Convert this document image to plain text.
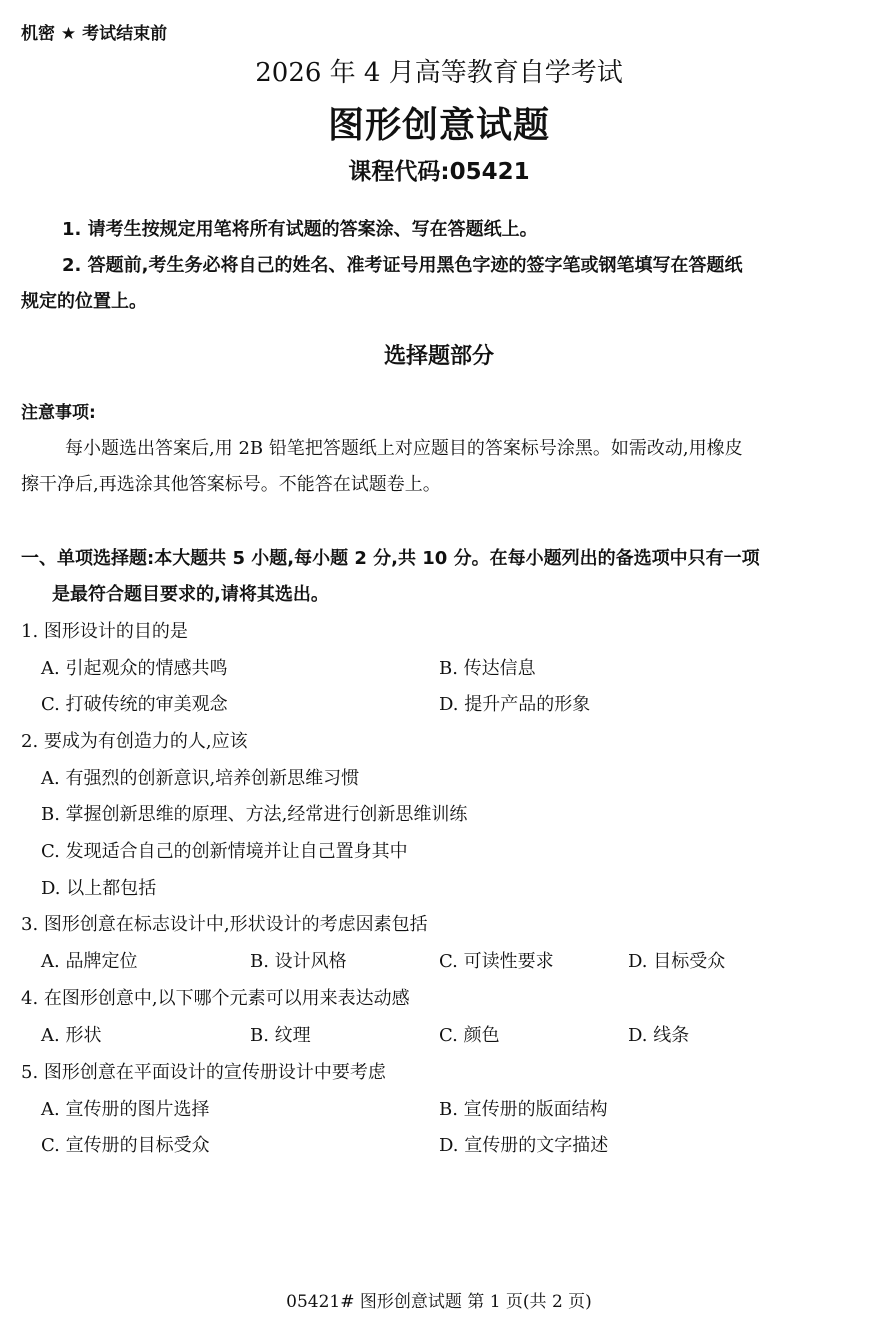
机密 ★ 考试结束前
2026 年 4 月高等教育自学考试
图形创意试题
课程代码:05421
1. 请考生按规定用笔将所有试题的答案涂、写在答题纸上。
2. 答题前,考生务必将自己的姓名、准考证号用黑色字迹的签字笔或钢笔填写在答题纸
规定的位置上。
选择题部分
注意事项:
每小题选出答案后,用 2B 铅笔把答题纸上对应题目的答案标号涂黑。如需改动,用橡皮
擦干净后,再选涂其他答案标号。不能答在试题卷上。
一、单项选择题:本大题共 5 小题,每小题 2 分,共 10 分。在每小题列出的备选项中只有一项
是最符合题目要求的,请将其选出。
1. 图形设计的目的是
A. 引起观众的情感共鸣	B. 传达信息
C. 打破传统的审美观念	D. 提升产品的形象
2. 要成为有创造力的人,应该
A. 有强烈的创新意识,培养创新思维习惯
B. 掌握创新思维的原理、方法,经常进行创新思维训练
C. 发现适合自己的创新情境并让自己置身其中
D. 以上都包括
3. 图形创意在标志设计中,形状设计的考虑因素包括
A. 品牌定位	B. 设计风格	C. 可读性要求	D. 目标受众
4. 在图形创意中,以下哪个元素可以用来表达动感
A. 形状	B. 纹理	C. 颜色	D. 线条
5. 图形创意在平面设计的宣传册设计中要考虑
A. 宣传册的图片选择	B. 宣传册的版面结构
C. 宣传册的目标受众	D. 宣传册的文字描述
05421# 图形创意试题 第 1 页(共 2 页)
